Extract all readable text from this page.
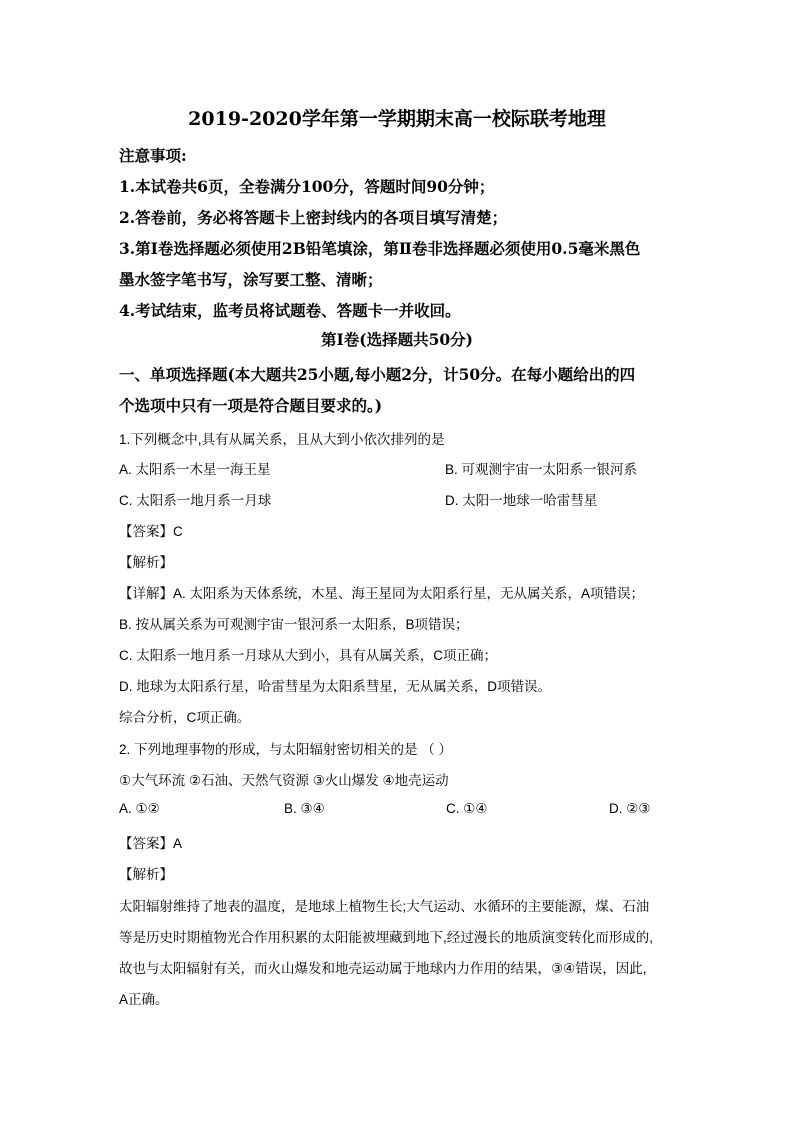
2019-2020学年第一学期期末高一校际联考地理
注意事项:
1.本试卷共6页，全卷满分100分，答题时间90分钟；
2.答卷前，务必将答题卡上密封线内的各项目填写清楚；
3.第Ⅰ卷选择题必须使用2B铅笔填涂，第Ⅱ卷非选择题必须使用0.5毫米黑色
墨水签字笔书写，涂写要工整、清晰；
4.考试结束，监考员将试题卷、答题卡一并收回。
第Ⅰ卷(选择题共50分)
一、单项选择题(本大题共25小题,每小题2分，计50分。在每小题给出的四
个选项中只有一项是符合题目要求的。)
1.下列概念中,具有从属关系，且从大到小依次排列的是
A. 太阳系一木星一海王星	B. 可观测宇宙一太阳系一银河系
C. 太阳系一地月系一月球	D. 太阳一地球一哈雷彗星
【答案】C
【解析】
【详解】A. 太阳系为天体系统，木星、海王星同为太阳系行星，无从属关系，A项错误；
B. 按从属关系为可观测宇宙一银河系一太阳系，B项错误；
C. 太阳系一地月系一月球从大到小，具有从属关系，C项正确；
D. 地球为太阳系行星，哈雷彗星为太阳系彗星，无从属关系，D项错误。
综合分析，C项正确。
2. 下列地理事物的形成，与太阳辐射密切相关的是 （ ）
①大气环流 ②石油、天然气资源 ③火山爆发 ④地壳运动
A. ①②	B. ③④	C. ①④	D. ②③
【答案】A
【解析】
太阳辐射维持了地表的温度，是地球上植物生长;大气运动、水循环的主要能源，煤、石油
等是历史时期植物光合作用积累的太阳能被埋藏到地下,经过漫长的地质演变转化而形成的,
故也与太阳辐射有关，而火山爆发和地壳运动属于地球内力作用的结果，③④错误，因此,
A正确。
